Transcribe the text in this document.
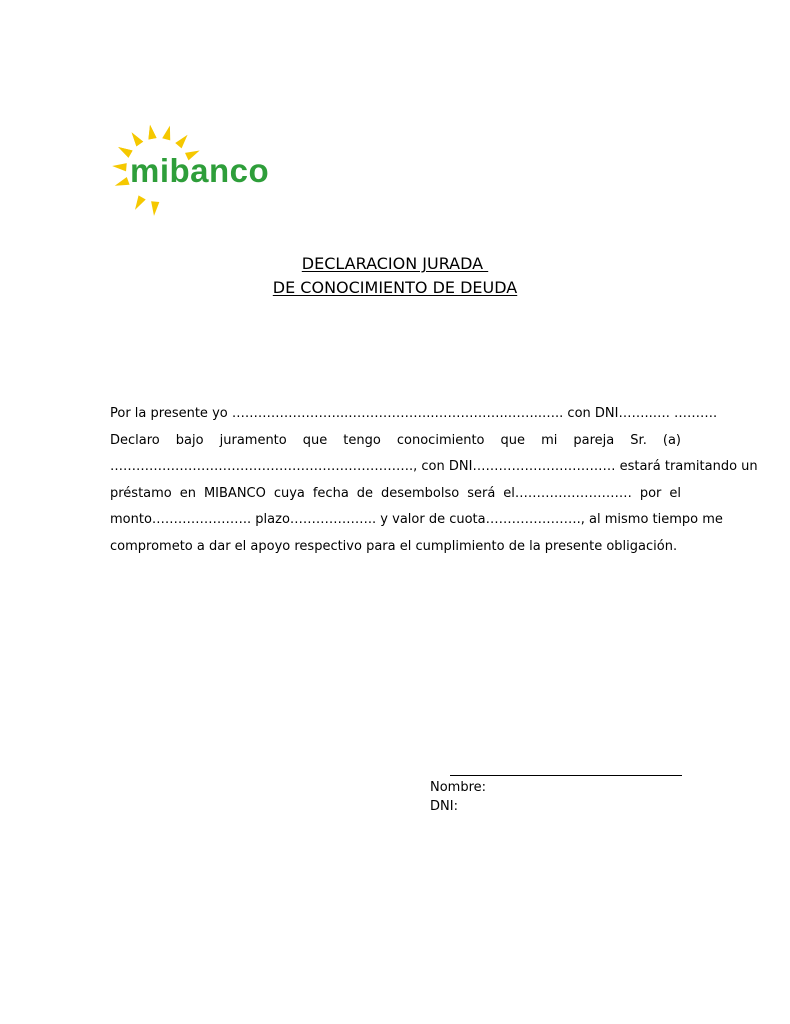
mibanco
DECLARACION JURADA
DE CONOCIMIENTO DE DEUDA
Por la presente yo ……………………...………………..……………..……..….. con DNI……..…. ……….
Declaro bajo juramento que tengo conocimiento que mi pareja Sr. (a)
……………………………………………………………., con DNI…………………………… estará tramitando un
préstamo en MIBANCO cuya fecha de desembolso será el……………………… por el
monto………………….. plazo……………….. y valor de cuota…………………., al mismo tiempo me
comprometo a dar el apoyo respectivo para el cumplimiento de la presente obligación.
Nombre:
DNI:
